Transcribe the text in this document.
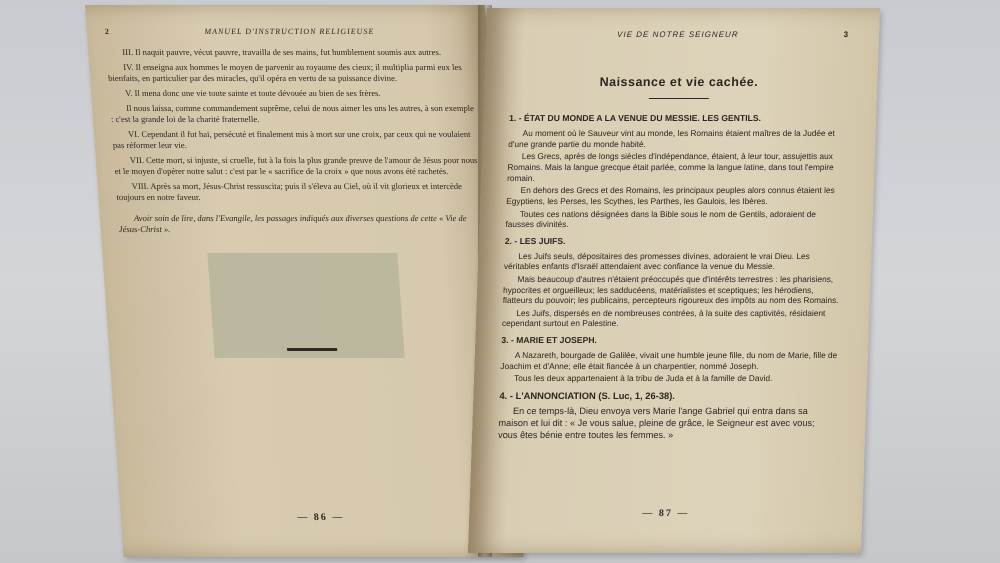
2	MANUEL D'INSTRUCTION RELIGIEUSE

III. Il naquit pauvre, vécut pauvre, travailla de ses mains, fut humblement soumis aux autres.

IV. Il enseigna aux hommes le moyen de parvenir au royaume des cieux; il multiplia parmi eux les bienfaits, en particulier par des miracles, qu'il opéra en vertu de sa puissance divine.

V. Il mena donc une vie toute sainte et toute dévouée au bien de ses frères.

Il nous laissa, comme commandement suprême, celui de nous aimer les uns les autres, à son exemple : c'est la grande loi de la charité fraternelle.

VI. Cependant il fut haï, persécuté et finalement mis à mort sur une croix, par ceux qui ne voulaient pas réformer leur vie.

VII. Cette mort, si injuste, si cruelle, fut à la fois la plus grande preuve de l'amour de Jésus pour nous et le moyen d'opérer notre salut : c'est par le « sacrifice de la croix » que nous avons été rachetés.

VIII. Après sa mort, Jésus-Christ ressuscita; puis il s'éleva au Ciel, où il vit glorieux et intercède toujours en notre faveur.

Avoir soin de lire, dans l'Evangile, les passages indiqués aux diverses questions de cette « Vie de Jésus-Christ ».

— 86 —
VIE DE NOTRE SEIGNEUR	3
Naissance et vie cachée.
1. - ÉTAT DU MONDE A LA VENUE DU MESSIE. LES GENTILS.

Au moment où le Sauveur vint au monde, les Romains étaient maîtres de la Judée et d'une grande partie du monde habité.

Les Grecs, après de longs siècles d'indépendance, étaient, à leur tour, assujettis aux Romains. Mais la langue grecque était parlée, comme la langue latine, dans tout l'empire romain.

En dehors des Grecs et des Romains, les principaux peuples alors connus étaient les Egyptiens, les Perses, les Scythes, les Parthes, les Gaulois, les Ibères.

Toutes ces nations désignées dans la Bible sous le nom de Gentils, adoraient de fausses divinités.

2. - LES JUIFS.

Les Juifs seuls, dépositaires des promesses divines, adoraient le vrai Dieu. Les véritables enfants d'Israël attendaient avec confiance la venue du Messie.

Mais beaucoup d'autres n'étaient préoccupés que d'intérêts terrestres : les pharisiens, hypocrites et orgueilleux; les sadducéens, matérialistes et sceptiques; les hérodiens, flatteurs du pouvoir; les publicains, percepteurs rigoureux des impôts au nom des Romains.

Les Juifs, dispersés en de nombreuses contrées, à la suite des captivités, résidaient cependant surtout en Palestine.

3. - MARIE ET JOSEPH.

A Nazareth, bourgade de Galilée, vivait une humble jeune fille, du nom de Marie, fille de Joachim et d'Anne; elle était fiancée à un charpentier, nommé Joseph.

Tous les deux appartenaient à la tribu de Juda et à la famille de David.

4. - L'ANNONCIATION (S. Luc, 1, 26-38).

En ce temps-là, Dieu envoya vers Marie l'ange Gabriel qui entra dans sa maison et lui dit : « Je vous salue, pleine de grâce, le Seigneur est avec vous; vous êtes bénie entre toutes les femmes. »

— 87 —
